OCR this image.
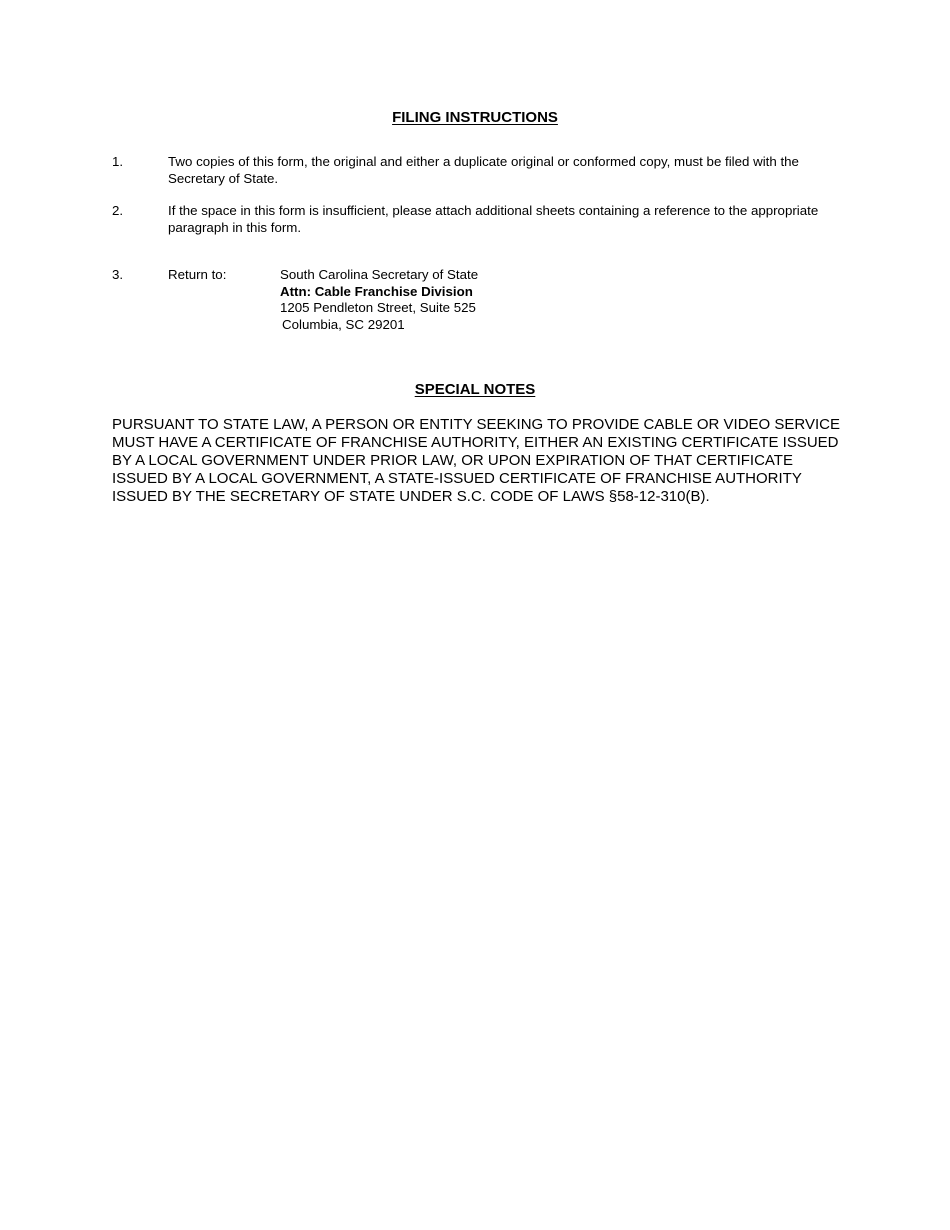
FILING INSTRUCTIONS
1.	Two copies of this form, the original and either a duplicate original or conformed copy, must be filed with the Secretary of State.
2.	If the space in this form is insufficient, please attach additional sheets containing a reference to the appropriate paragraph in this form.
3.	Return to:	South Carolina Secretary of State
Attn: Cable Franchise Division
1205 Pendleton Street, Suite 525
Columbia, SC 29201
SPECIAL NOTES
PURSUANT TO STATE LAW, A PERSON OR ENTITY SEEKING TO PROVIDE CABLE OR VIDEO SERVICE MUST HAVE A CERTIFICATE OF FRANCHISE AUTHORITY, EITHER AN EXISTING CERTIFICATE ISSUED BY A LOCAL GOVERNMENT UNDER PRIOR LAW, OR UPON EXPIRATION OF THAT CERTIFICATE ISSUED BY A LOCAL GOVERNMENT, A STATE-ISSUED CERTIFICATE OF FRANCHISE AUTHORITY ISSUED BY THE SECRETARY OF STATE UNDER S.C. CODE OF LAWS §58-12-310(B).
